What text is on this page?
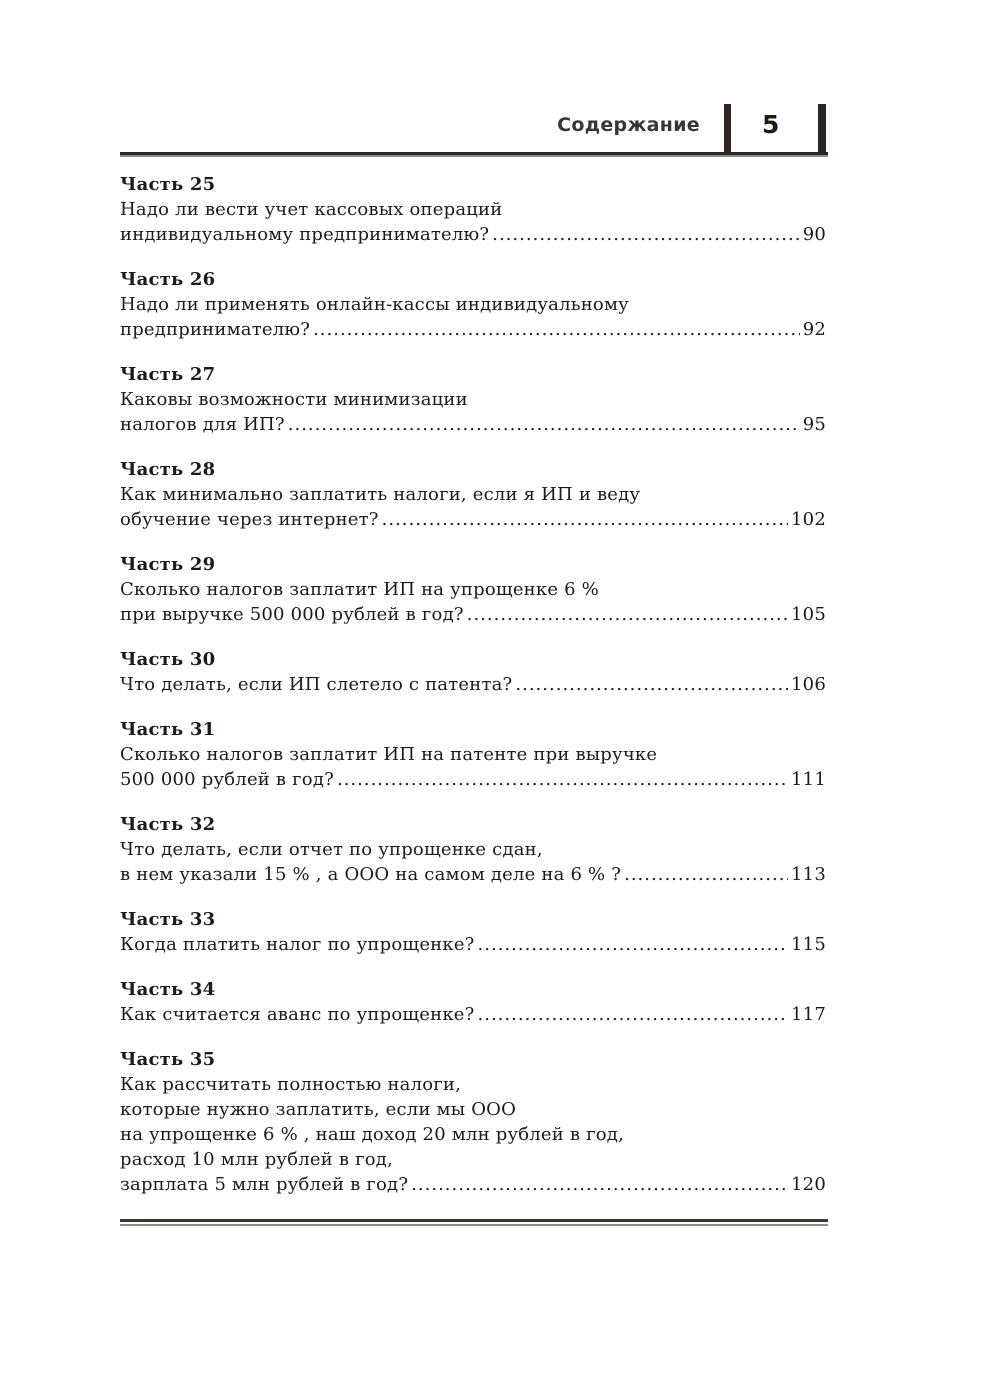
Содержание 5
Часть 25
Надо ли вести учет кассовых операций
индивидуальному предпринимателю? .....	90
Часть 26
Надо ли применять онлайн-кассы индивидуальному
предпринимателю? .....	92
Часть 27
Каковы возможности минимизации
налогов для ИП? .....	95
Часть 28
Как минимально заплатить налоги, если я ИП и веду
обучение через интернет? .....	102
Часть 29
Сколько налогов заплатит ИП на упрощенке 6 %
при выручке 500 000 рублей в год? .....	105
Часть 30
Что делать, если ИП слетело с патента? .....	106
Часть 31
Сколько налогов заплатит ИП на патенте при выручке
500 000 рублей в год? .....	111
Часть 32
Что делать, если отчет по упрощенке сдан,
в нем указали 15 % , а ООО на самом деле на 6 % ? .....	113
Часть 33
Когда платить налог по упрощенке? .....	115
Часть 34
Как считается аванс по упрощенке? .....	117
Часть 35
Как рассчитать полностью налоги,
которые нужно заплатить, если мы ООО
на упрощенке 6 % , наш доход 20 млн рублей в год,
расход 10 млн рублей в год,
зарплата 5 млн рублей в год? .....	120
